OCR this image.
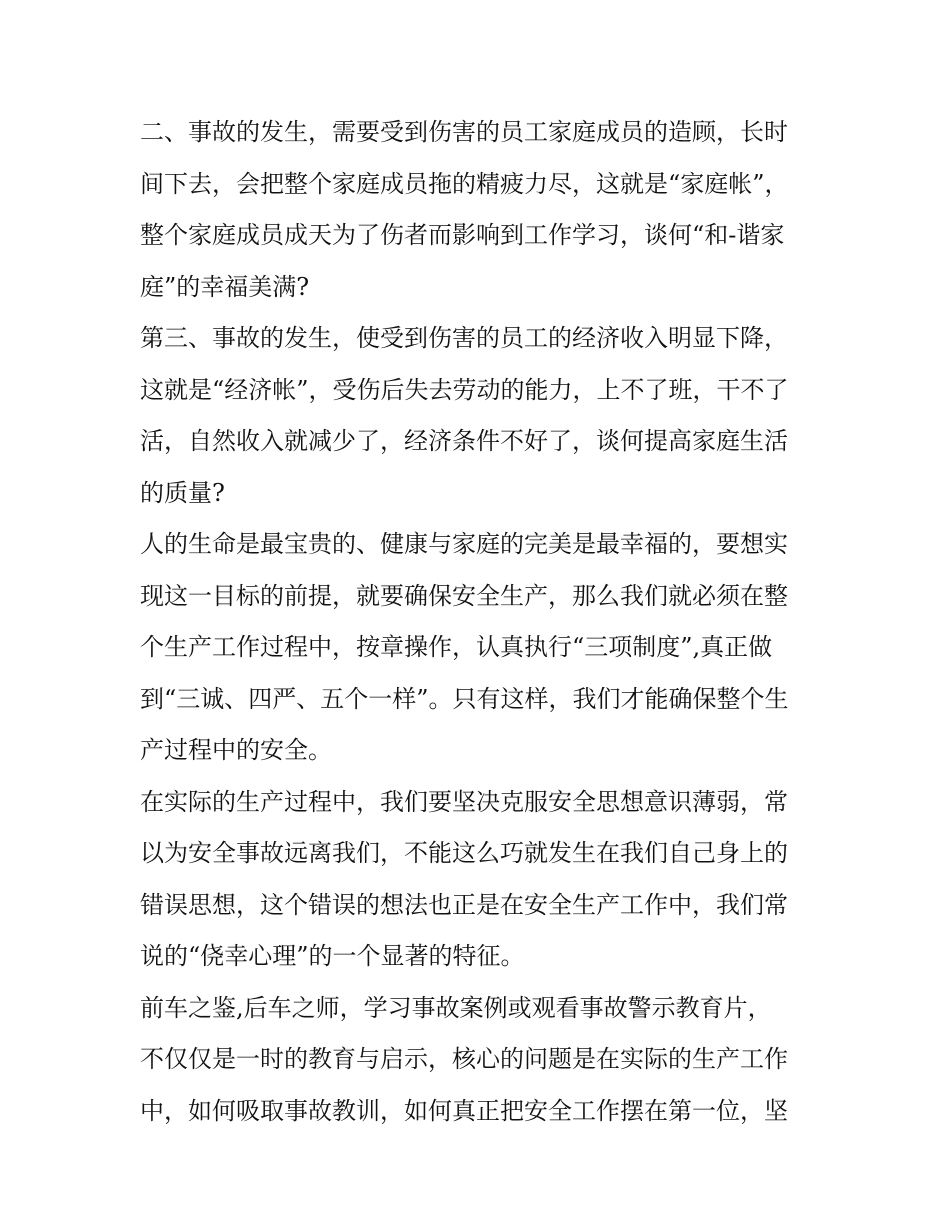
二、事故的发生，需要受到伤害的员工家庭成员的造顾，长时
间下去，会把整个家庭成员拖的精疲力尽，这就是“家庭帐”，
整个家庭成员成天为了伤者而影响到工作学习，谈何“和-谐家
庭”的幸福美满?
第三、事故的发生，使受到伤害的员工的经济收入明显下降，
这就是“经济帐”，受伤后失去劳动的能力，上不了班，干不了
活，自然收入就减少了，经济条件不好了，谈何提高家庭生活
的质量?
人的生命是最宝贵的、健康与家庭的完美是最幸福的，要想实
现这一目标的前提，就要确保安全生产，那么我们就必须在整
个生产工作过程中，按章操作，认真执行“三项制度”,真正做
到“三诚、四严、五个一样”。只有这样，我们才能确保整个生
产过程中的安全。
在实际的生产过程中，我们要坚决克服安全思想意识薄弱，常
以为安全事故远离我们，不能这么巧就发生在我们自己身上的
错误思想，这个错误的想法也正是在安全生产工作中，我们常
说的“侥幸心理”的一个显著的特征。
前车之鉴,后车之师，学习事故案例或观看事故警示教育片，
不仅仅是一时的教育与启示，核心的问题是在实际的生产工作
中，如何吸取事故教训，如何真正把安全工作摆在第一位，坚
